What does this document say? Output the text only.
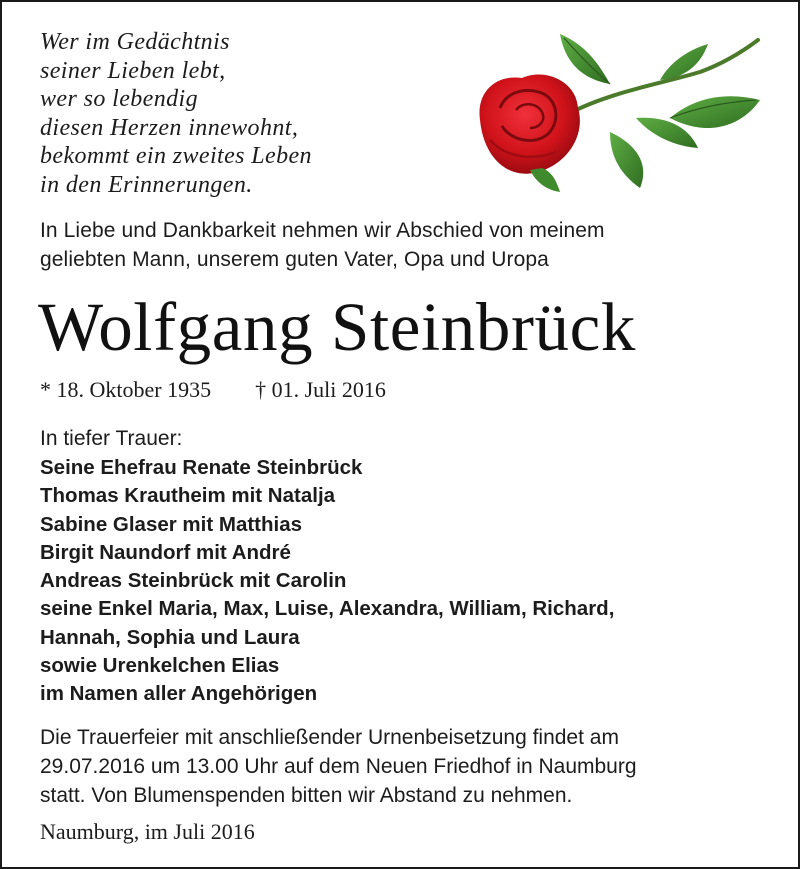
Wer im Gedächtnis
seiner Lieben lebt,
wer so lebendig
diesen Herzen innewohnt,
bekommt ein zweites Leben
in den Erinnerungen.
In Liebe und Dankbarkeit nehmen wir Abschied von meinem
geliebten Mann, unserem guten Vater, Opa und Uropa
Wolfgang Steinbrück
* 18. Oktober 1935 † 01. Juli 2016
In tiefer Trauer:
Seine Ehefrau Renate Steinbrück
Thomas Krautheim mit Natalja
Sabine Glaser mit Matthias
Birgit Naundorf mit André
Andreas Steinbrück mit Carolin
seine Enkel Maria, Max, Luise, Alexandra, William, Richard,
Hannah, Sophia und Laura
sowie Urenkelchen Elias
im Namen aller Angehörigen
Die Trauerfeier mit anschließender Urnenbeisetzung findet am
29.07.2016 um 13.00 Uhr auf dem Neuen Friedhof in Naumburg
statt. Von Blumenspenden bitten wir Abstand zu nehmen.
Naumburg, im Juli 2016
